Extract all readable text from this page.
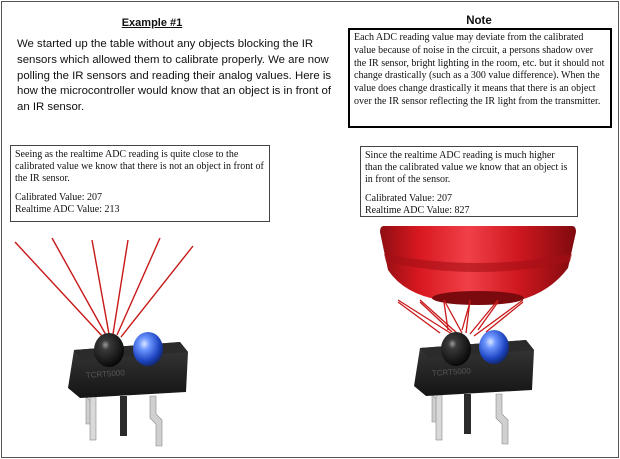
Example #1
We started up the table without any objects blocking the IR sensors which allowed them to calibrate properly. We are now polling the IR sensors and reading their analog values. Here is how the microcontroller would know that an object is in front of an IR sensor.
Note
Each ADC reading value may deviate from the calibrated value because of noise in the circuit, a persons shadow over the IR sensor, bright lighting in the room, etc. but it should not change drastically (such as a 300 value difference). When the value does change drastically it means that there is an object over the IR sensor reflecting the IR light from the transmitter.

Seeing as the realtime ADC reading is quite close to the calibrated value we know that there is not an object in front of the IR sensor.

Calibrated Value: 207

Realtime ADC Value: 213

Since the realtime ADC reading is much higher than the calibrated value we know that an object is in front of the sensor.

Calibrated Value: 207

Realtime ADC Value: 827

TCRT5000	TCRT5000
